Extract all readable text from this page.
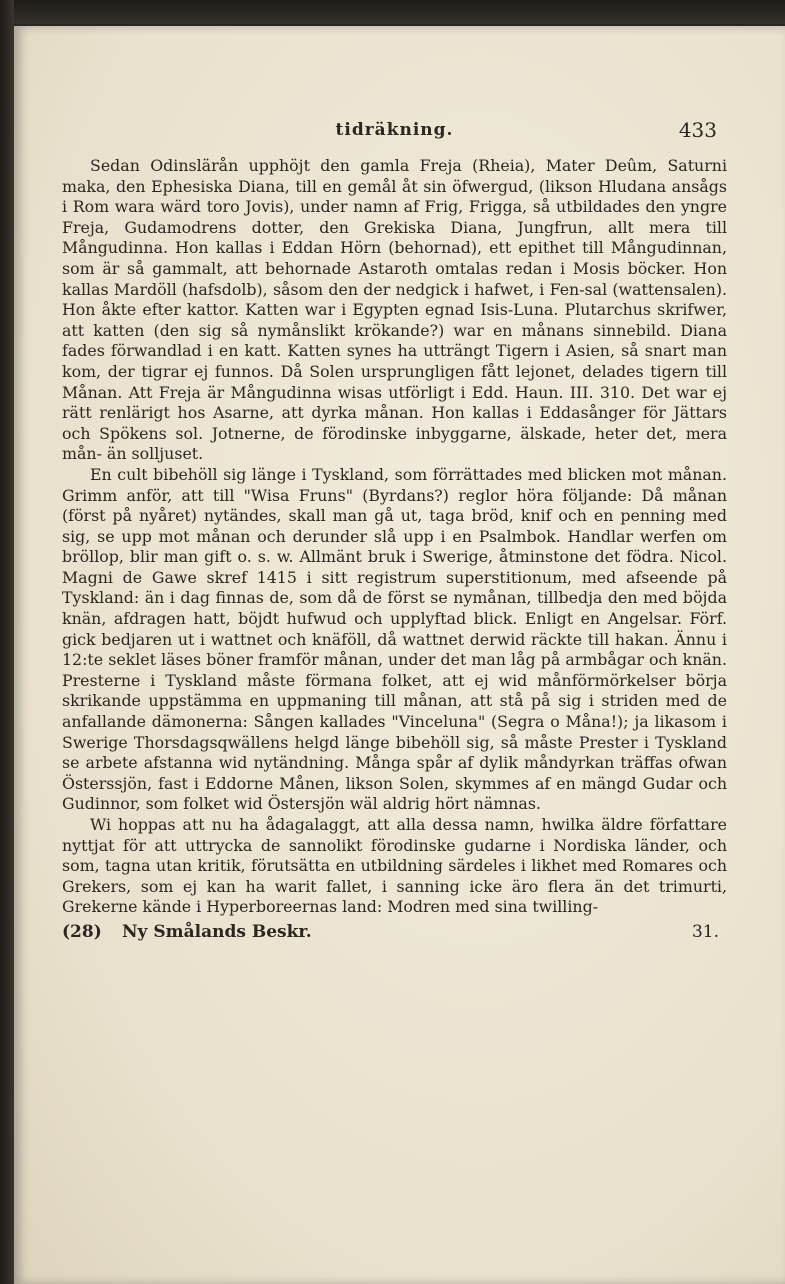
tidräkning.	433

Sedan Odinslärån upphöjt den gamla Freja (Rheia), Mater Deûm, Saturni maka, den Ephesiska Diana, till en gemål åt sin öfwergud, (likson Hludana ansågs i Rom wara wärd toro Jovis), under namn af Frig, Frigga, så utbildades den yngre Freja, Gudamodrens dotter, den Grekiska Diana, Jungfrun, allt mera till Mångudinna. Hon kallas i Eddan Hörn (behornad), ett epithet till Mångudinnan, som är så gammalt, att behornade Astaroth omtalas redan i Mosis böcker. Hon kallas Mardöll (hafsdolb), såsom den der nedgick i hafwet, i Fen-sal (wattensalen). Hon åkte efter kattor. Katten war i Egypten egnad Isis-Luna. Plutarchus skrifwer, att katten (den sig så nymånslikt krökande?) war en månans sinnebild. Diana fades förwandlad i en katt. Katten synes ha utträngt Tigern i Asien, så snart man kom, der tigrar ej funnos. Då Solen ursprungligen fått lejonet, delades tigern till Månan. Att Freja är Mångudinna wisas utförligt i Edd. Haun. III. 310. Det war ej rätt renlärigt hos Asarne, att dyrka månan. Hon kallas i Eddasånger för Jättars och Spökens sol. Jotnerne, de förodinske inbyggarne, älskade, heter det, mera mån- än solljuset.

En cult bibehöll sig länge i Tyskland, som förrättades med blicken mot månan. Grimm anför, att till "Wisa Fruns" (Byrdans?) reglor höra följande: Då månan (först på nyåret) nytändes, skall man gå ut, taga bröd, knif och en penning med sig, se upp mot månan och derunder slå upp i en Psalmbok. Handlar werfen om bröllop, blir man gift o. s. w. Allmänt bruk i Swerige, åtminstone det födra. Nicol. Magni de Gawe skref 1415 i sitt registrum superstitionum, med afseende på Tyskland: än i dag finnas de, som då de först se nymånan, tillbedja den med böjda knän, afdragen hatt, böjdt hufwud och upplyftad blick. Enligt en Angelsar. Förf. gick bedjaren ut i wattnet och knäföll, då wattnet derwid räckte till hakan. Ännu i 12:te seklet läses böner framför månan, under det man låg på armbågar och knän. Presterne i Tyskland måste förmana folket, att ej wid månförmörkelser börja skrikande uppstämma en uppmaning till månan, att stå på sig i striden med de anfallande dämonerna: Sången kallades "Vinceluna" (Segra o Måna!); ja likasom i Swerige Thorsdagsqwällens helgd länge bibehöll sig, så måste Prester i Tyskland se arbete afstanna wid nytändning. Många spår af dylik måndyrkan träffas ofwan Österssjön, fast i Eddorne Månen, likson Solen, skymmes af en mängd Gudar och Gudinnor, som folket wid Östersjön wäl aldrig hört nämnas.

Wi hoppas att nu ha ådagalaggt, att alla dessa namn, hwilka äldre författare nyttjat för att uttrycka de sannolikt förodinske gudarne i Nordiska länder, och som, tagna utan kritik, förutsätta en utbildning särdeles i likhet med Romares och Grekers, som ej kan ha warit fallet, i sanning icke äro flera än det trimurti, Grekerne kände i Hyperboreernas land: Modren med sina twilling-

(28) Ny Smålands Beskr.	31.
